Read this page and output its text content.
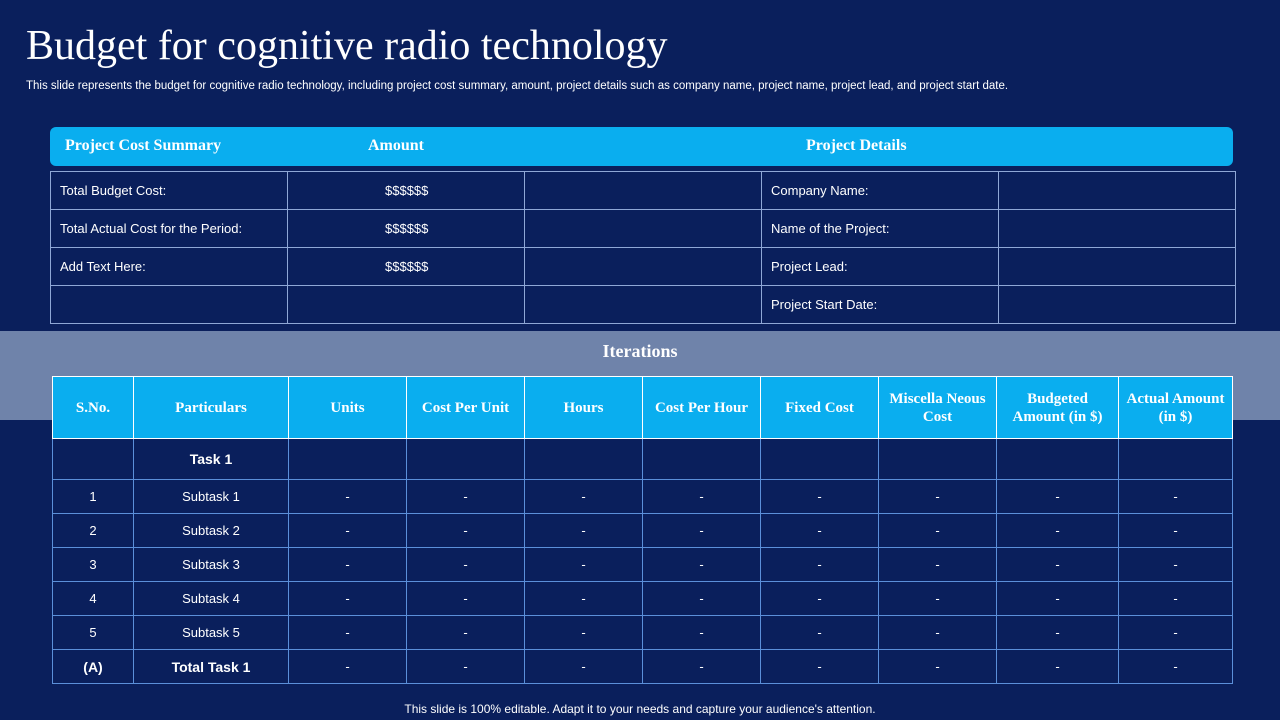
Budget for cognitive radio technology

This slide represents the budget for cognitive radio technology, including project cost summary, amount, project details such as company name, project name, project lead, and project start date.

Project Cost Summary	Amount	Project Details
Total Budget Cost:	$$$$$$		Company Name:	
Total Actual Cost for the Period:	$$$$$$		Name of the Project:	
Add Text Here:	$$$$$$		Project Lead:	
			Project Start Date:	
Iterations
S.No.	Particulars	Units	Cost Per Unit	Hours	Cost Per Hour	Fixed Cost	Miscella Neous Cost	Budgeted Amount (in $)	Actual Amount (in $)
	Task 1								
1	Subtask 1	-	-	-	-	-	-	-	-
2	Subtask 2	-	-	-	-	-	-	-	-
3	Subtask 3	-	-	-	-	-	-	-	-
4	Subtask 4	-	-	-	-	-	-	-	-
5	Subtask 5	-	-	-	-	-	-	-	-
(A)	Total Task 1	-	-	-	-	-	-	-	-
This slide is 100% editable. Adapt it to your needs and capture your audience's attention.
